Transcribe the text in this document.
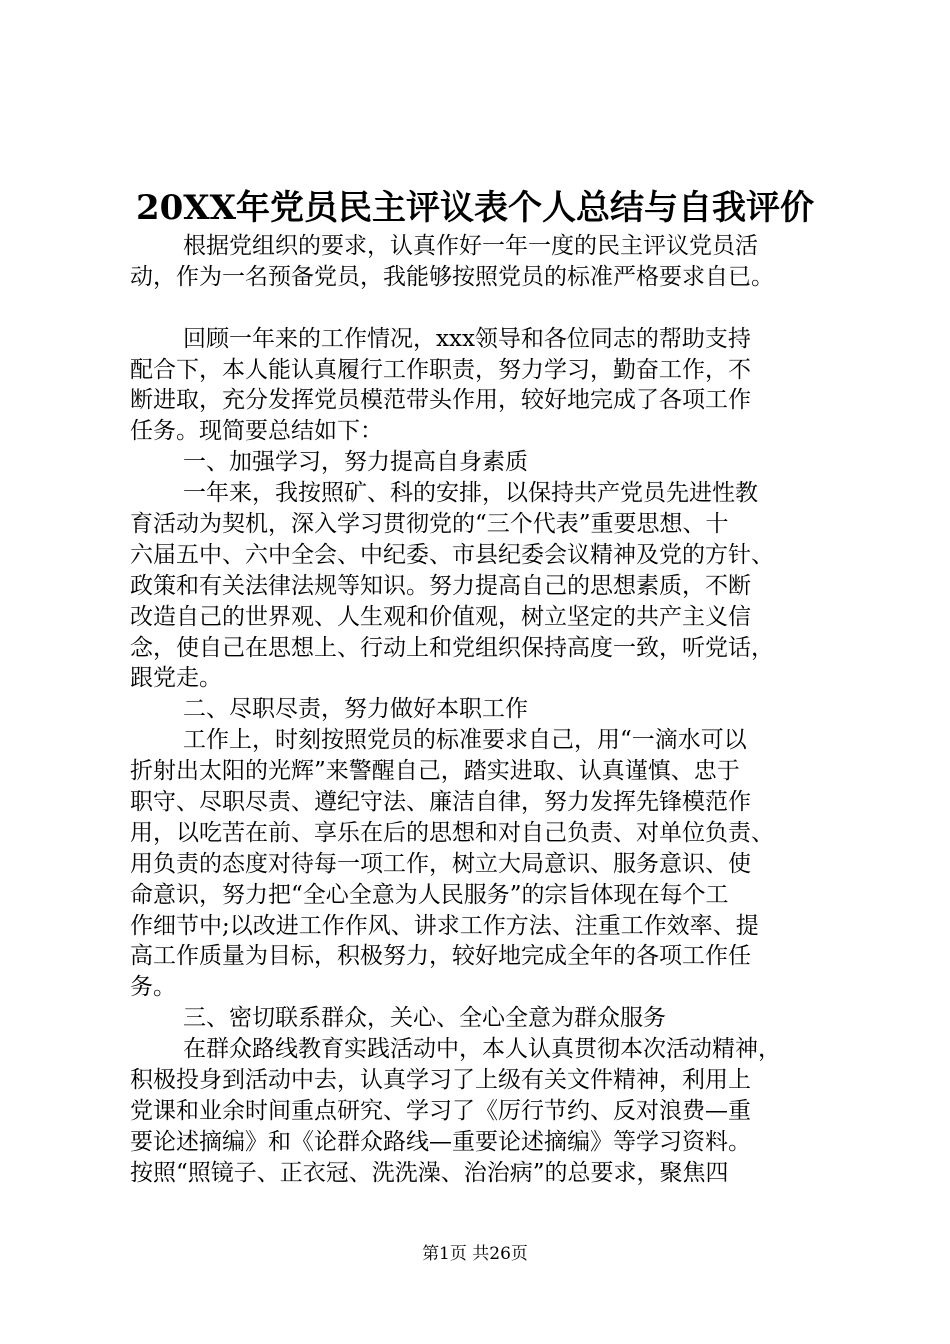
20XX年党员民主评议表个人总结与自我评价
根据党组织的要求，认真作好一年一度的民主评议党员活
动，作为一名预备党员，我能够按照党员的标准严格要求自已。
回顾一年来的工作情况，xxx领导和各位同志的帮助支持
配合下，本人能认真履行工作职责，努力学习，勤奋工作，不
断进取，充分发挥党员模范带头作用，较好地完成了各项工作
任务。现简要总结如下：
一、加强学习，努力提高自身素质
一年来，我按照矿、科的安排，以保持共产党员先进性教
育活动为契机，深入学习贯彻党的“三个代表”重要思想、十
六届五中、六中全会、中纪委、市县纪委会议精神及党的方针、
政策和有关法律法规等知识。努力提高自己的思想素质，不断
改造自己的世界观、人生观和价值观，树立坚定的共产主义信
念，使自己在思想上、行动上和党组织保持高度一致，听党话，
跟党走。
二、尽职尽责，努力做好本职工作
工作上，时刻按照党员的标准要求自己，用“一滴水可以
折射出太阳的光辉”来警醒自己，踏实进取、认真谨慎、忠于
职守、尽职尽责、遵纪守法、廉洁自律，努力发挥先锋模范作
用，以吃苦在前、享乐在后的思想和对自己负责、对单位负责、
用负责的态度对待每一项工作，树立大局意识、服务意识、使
命意识，努力把“全心全意为人民服务”的宗旨体现在每个工
作细节中;以改进工作作风、讲求工作方法、注重工作效率、提
高工作质量为目标，积极努力，较好地完成全年的各项工作任
务。
三、密切联系群众，关心、全心全意为群众服务
在群众路线教育实践活动中，本人认真贯彻本次活动精神，
积极投身到活动中去，认真学习了上级有关文件精神，利用上
党课和业余时间重点研究、学习了《厉行节约、反对浪费—重
要论述摘编》和《论群众路线—重要论述摘编》等学习资料。
按照“照镜子、正衣冠、洗洗澡、治治病”的总要求，聚焦四
第1页 共26页
